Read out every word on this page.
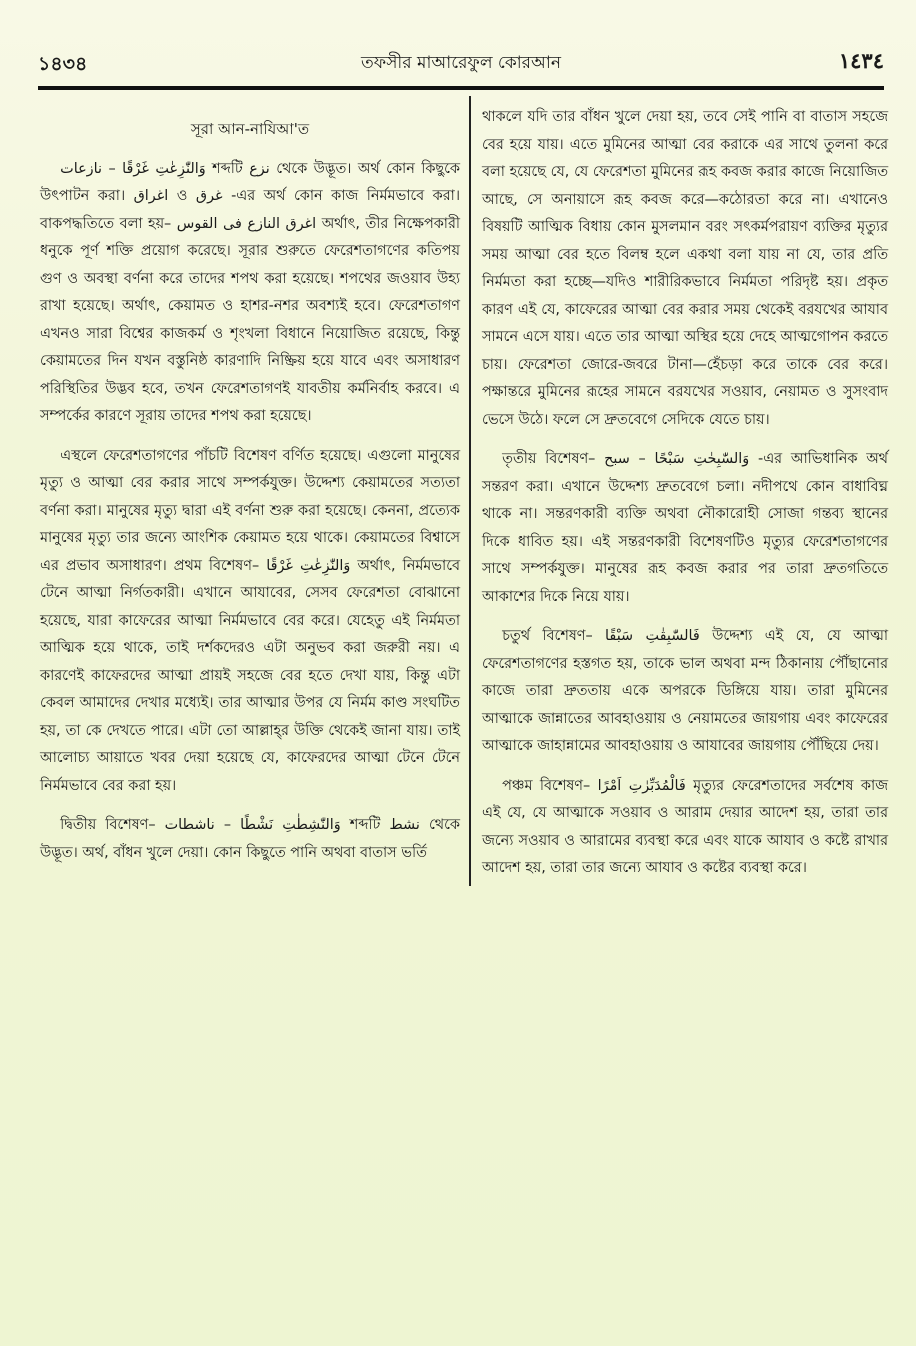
১৪৩৪	তফসীর মাআরেফুল কোরআন	١٤٣٤

সূরা আন-নাযিআ'ত

وَالنّٰزِعٰتِ غَرْقًا – نازعات শব্দটি نزع থেকে উদ্ভূত। অর্থ কোন কিছুকে উৎপাটন করা। اغراق ও غرق -এর অর্থ কোন কাজ নির্মমভাবে করা। বাকপদ্ধতিতে বলা হয়– اغرق النازع فى القوس অর্থাৎ, তীর নিক্ষেপকারী ধনুকে পূর্ণ শক্তি প্রয়োগ করেছে। সূরার শুরুতে ফেরেশতাগণের কতিপয় গুণ ও অবস্থা বর্ণনা করে তাদের শপথ করা হয়েছে। শপথের জওয়াব উহ্য রাখা হয়েছে। অর্থাৎ, কেয়ামত ও হাশর-নশর অবশ্যই হবে। ফেরেশতাগণ এখনও সারা বিশ্বের কাজকর্ম ও শৃংখলা বিধানে নিয়োজিত রয়েছে, কিন্তু কেয়ামতের দিন যখন বস্তুনিষ্ঠ কারণাদি নিষ্ক্রিয় হয়ে যাবে এবং অসাধারণ পরিস্থিতির উদ্ভব হবে, তখন ফেরেশতাগণই যাবতীয় কর্মনির্বাহ করবে। এ সম্পর্কের কারণে সূরায় তাদের শপথ করা হয়েছে।

এস্থলে ফেরেশতাগণের পাঁচটি বিশেষণ বর্ণিত হয়েছে। এগুলো মানুষের মৃত্যু ও আত্মা বের করার সাথে সম্পর্কযুক্ত। উদ্দেশ্য কেয়ামতের সত্যতা বর্ণনা করা। মানুষের মৃত্যু দ্বারা এই বর্ণনা শুরু করা হয়েছে। কেননা, প্রত্যেক মানুষের মৃত্যু তার জন্যে আংশিক কেয়ামত হয়ে থাকে। কেয়ামতের বিশ্বাসে এর প্রভাব অসাধারণ। প্রথম বিশেষণ– وَالنّٰزِعٰتِ غَرْقًا অর্থাৎ, নির্মমভাবে টেনে আত্মা নির্গতকারী। এখানে আযাবের, সেসব ফেরেশতা বোঝানো হয়েছে, যারা কাফেরের আত্মা নির্মমভাবে বের করে। যেহেতু এই নির্মমতা আত্মিক হয়ে থাকে, তাই দর্শকদেরও এটা অনুভব করা জরুরী নয়। এ কারণেই কাফেরদের আত্মা প্রায়ই সহজে বের হতে দেখা যায়, কিন্তু এটা কেবল আমাদের দেখার মধ্যেই। তার আত্মার উপর যে নির্মম কাণ্ড সংঘটিত হয়, তা কে দেখতে পারে। এটা তো আল্লাহ্‌র উক্তি থেকেই জানা যায়। তাই আলোচ্য আয়াতে খবর দেয়া হয়েছে যে, কাফেরদের আত্মা টেনে টেনে নির্মমভাবে বের করা হয়।

দ্বিতীয় বিশেষণ– وَالنّٰشِطٰتِ نَشْطًا – ناشطات শব্দটি نشط থেকে উদ্ভূত। অর্থ, বাঁধন খুলে দেয়া। কোন কিছুতে পানি অথবা বাতাস ভর্তি

থাকলে যদি তার বাঁধন খুলে দেয়া হয়, তবে সেই পানি বা বাতাস সহজে বের হয়ে যায়। এতে মুমিনের আত্মা বের করাকে এর সাথে তুলনা করে বলা হয়েছে যে, যে ফেরেশতা মুমিনের রূহ কবজ করার কাজে নিয়োজিত আছে, সে অনায়াসে রূহ কবজ করে—কঠোরতা করে না। এখানেও বিষয়টি আত্মিক বিধায় কোন মুসলমান বরং সৎকর্মপরায়ণ ব্যক্তির মৃত্যুর সময় আত্মা বের হতে বিলম্ব হলে একথা বলা যায় না যে, তার প্রতি নির্মমতা করা হচ্ছে—যদিও শারীরিকভাবে নির্মমতা পরিদৃষ্ট হয়। প্রকৃত কারণ এই যে, কাফেরের আত্মা বের করার সময় থেকেই বরযখের আযাব সামনে এসে যায়। এতে তার আত্মা অস্থির হয়ে দেহে আত্মগোপন করতে চায়। ফেরেশতা জোরে-জবরে টানা—হেঁচড়া করে তাকে বের করে। পক্ষান্তরে মুমিনের রূহের সামনে বরযখের সওয়াব, নেয়ামত ও সুসংবাদ ভেসে উঠে। ফলে সে দ্রুতবেগে সেদিকে যেতে চায়।

তৃতীয় বিশেষণ– وَالسّٰبِحٰتِ سَبْحًا – سبح -এর আভিধানিক অর্থ সন্তরণ করা। এখানে উদ্দেশ্য দ্রুতবেগে চলা। নদীপথে কোন বাধাবিঘ্ন থাকে না। সন্তরণকারী ব্যক্তি অথবা নৌকারোহী সোজা গন্তব্য স্থানের দিকে ধাবিত হয়। এই সন্তরণকারী বিশেষণটিও মৃত্যুর ফেরেশতাগণের সাথে সম্পর্কযুক্ত। মানুষের রূহ কবজ করার পর তারা দ্রুতগতিতে আকাশের দিকে নিয়ে যায়।

চতুর্থ বিশেষণ– فَالسّٰبِقٰتِ سَبْقًا উদ্দেশ্য এই যে, যে আত্মা ফেরেশতাগণের হস্তগত হয়, তাকে ভাল অথবা মন্দ ঠিকানায় পৌঁছানোর কাজে তারা দ্রুততায় একে অপরকে ডিঙ্গিয়ে যায়। তারা মুমিনের আত্মাকে জান্নাতের আবহাওয়ায় ও নেয়ামতের জায়গায় এবং কাফেরের আত্মাকে জাহান্নামের আবহাওয়ায় ও আযাবের জায়গায় পৌঁছিয়ে দেয়।

পঞ্চম বিশেষণ– فَالْمُدَبِّرٰتِ اَمْرًا মৃত্যুর ফেরেশতাদের সর্বশেষ কাজ এই যে, যে আত্মাকে সওয়াব ও আরাম দেয়ার আদেশ হয়, তারা তার জন্যে সওয়াব ও আরামের ব্যবস্থা করে এবং যাকে আযাব ও কষ্টে রাখার আদেশ হয়, তারা তার জন্যে আযাব ও কষ্টের ব্যবস্থা করে।
